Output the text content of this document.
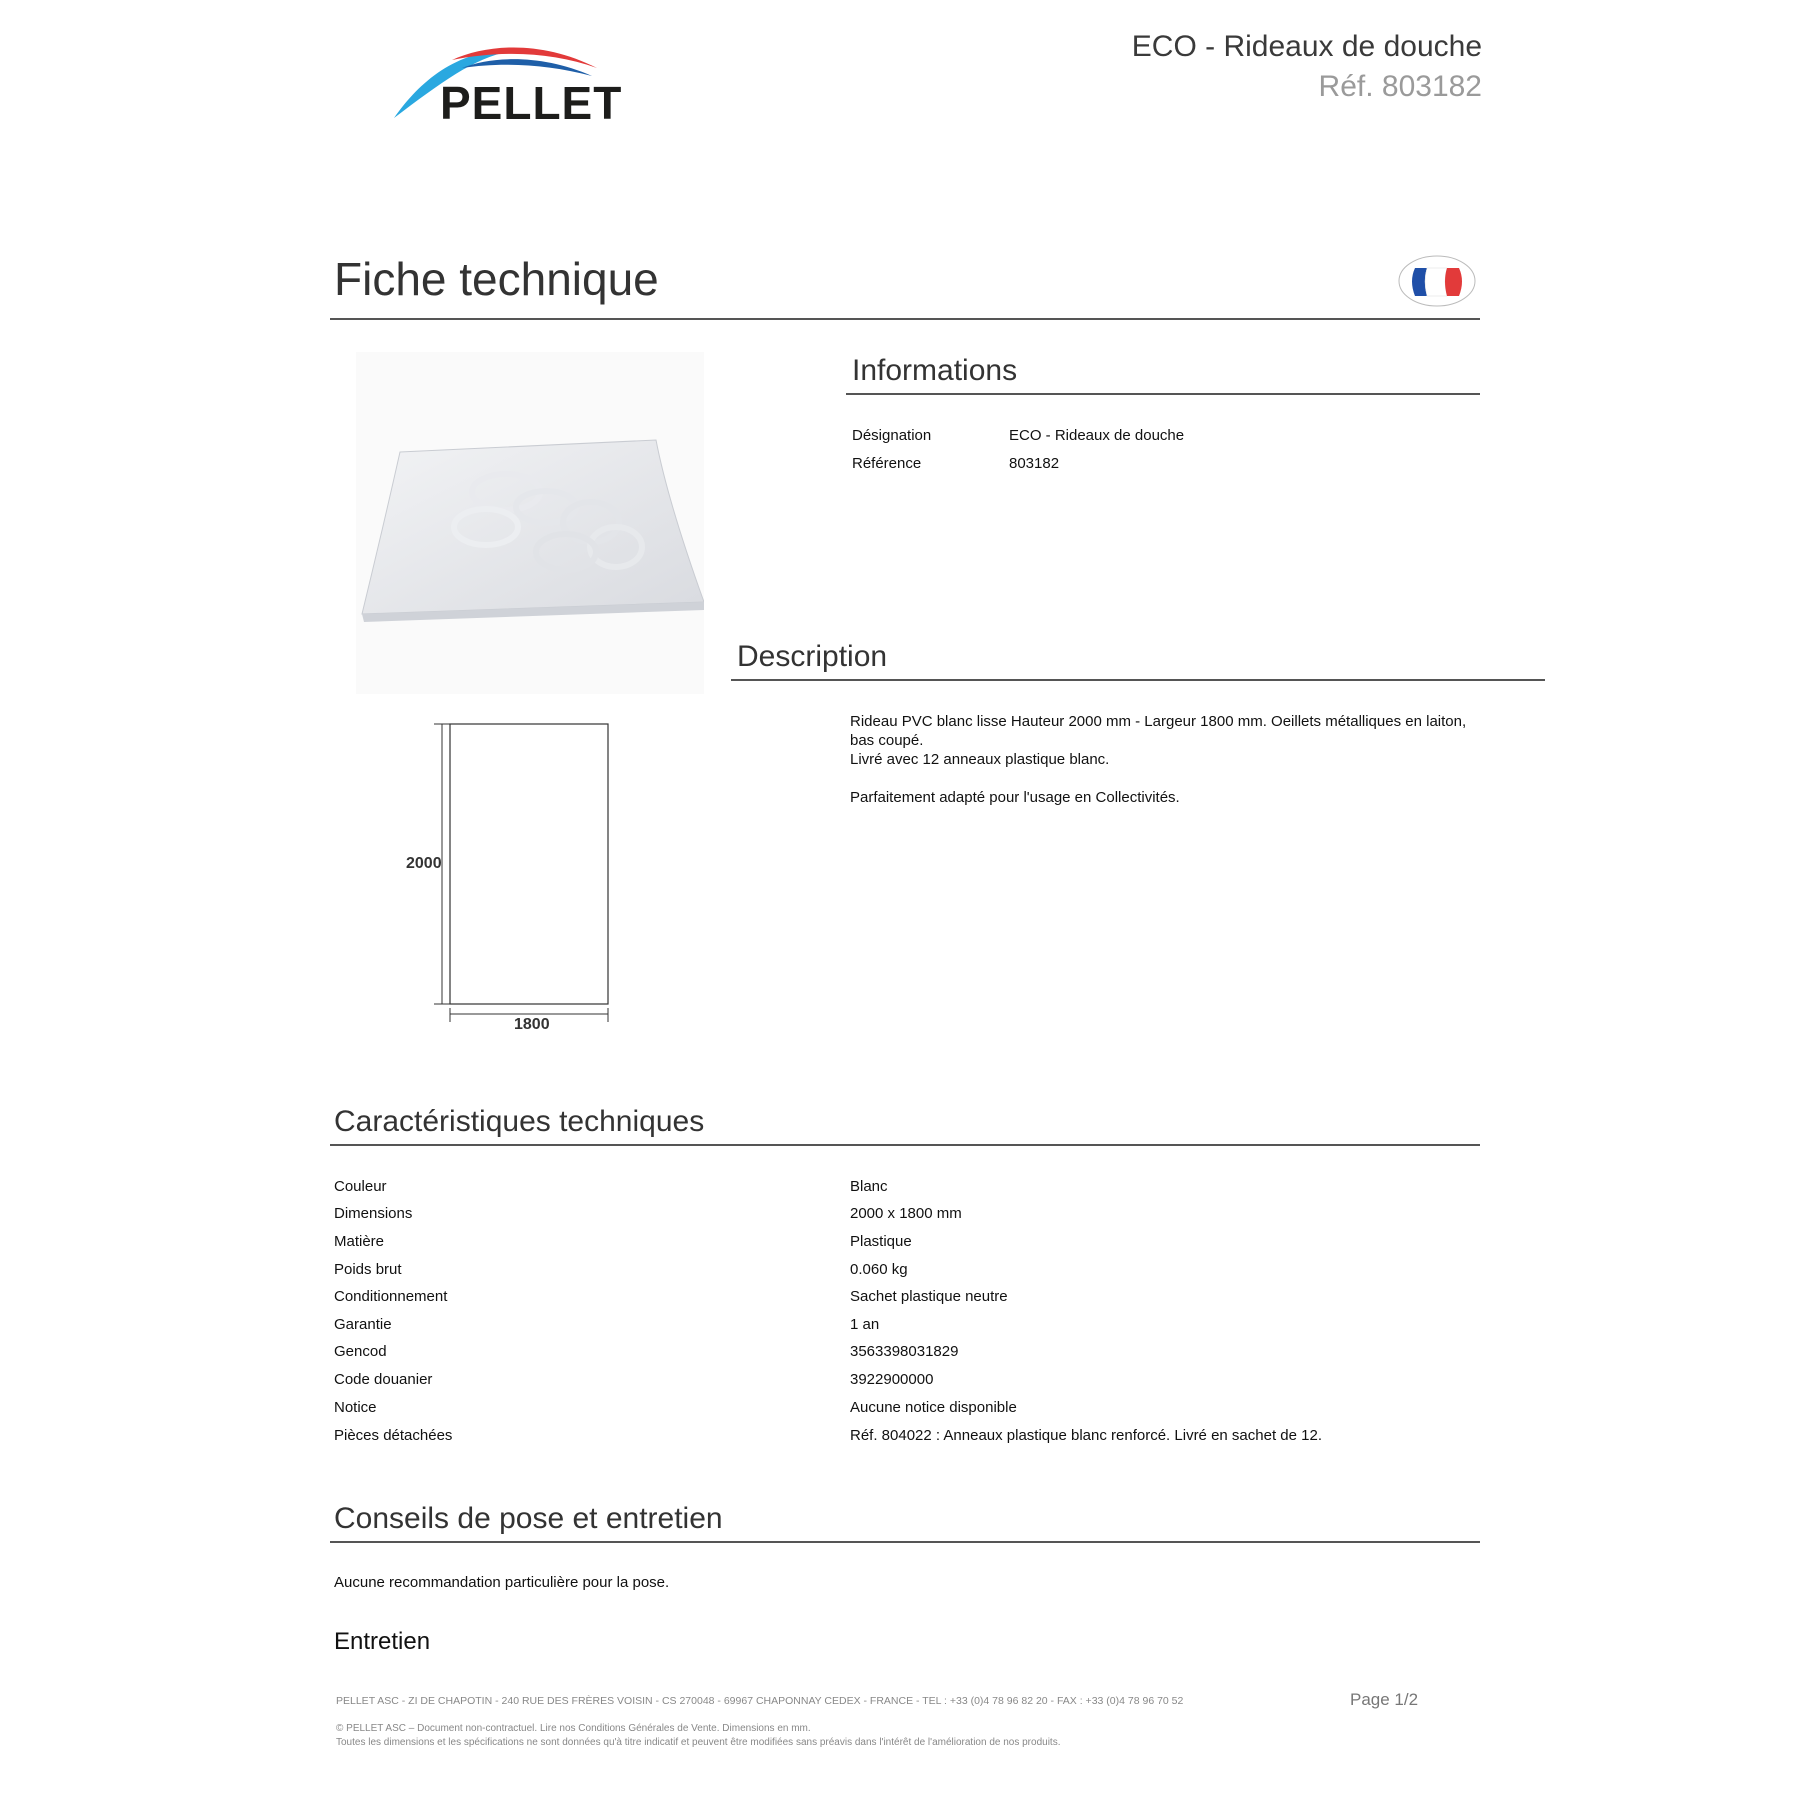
PELLET
ECO - Rideaux de douche
Réf. 803182
Fiche technique
2000
1800
Informations
Désignation	ECO - Rideaux de douche
Référence	803182
Description

Rideau PVC blanc lisse Hauteur 2000 mm - Largeur 1800 mm. Oeillets métalliques en laiton, bas coupé.

Livré avec 12 anneaux plastique blanc.

Parfaitement adapté pour l'usage en Collectivités.

Caractéristiques techniques
Couleur	Blanc
Dimensions	2000 x 1800 mm
Matière	Plastique
Poids brut	0.060 kg
Conditionnement	Sachet plastique neutre
Garantie	1 an
Gencod	3563398031829
Code douanier	3922900000
Notice	Aucune notice disponible
Pièces détachées	Réf. 804022 : Anneaux plastique blanc renforcé. Livré en sachet de 12.
Conseils de pose et entretien
Aucune recommandation particulière pour la pose.
Entretien
PELLET ASC - ZI DE CHAPOTIN - 240 RUE DES FRÈRES VOISIN - CS 270048 - 69967 CHAPONNAY CEDEX - FRANCE - TEL : +33 (0)4 78 96 82 20 - FAX : +33 (0)4 78 96 70 52	Page 1/2
© PELLET ASC – Document non-contractuel. Lire nos Conditions Générales de Vente. Dimensions en mm.
Toutes les dimensions et les spécifications ne sont données qu'à titre indicatif et peuvent être modifiées sans préavis dans l'intérêt de l'amélioration de nos produits.
